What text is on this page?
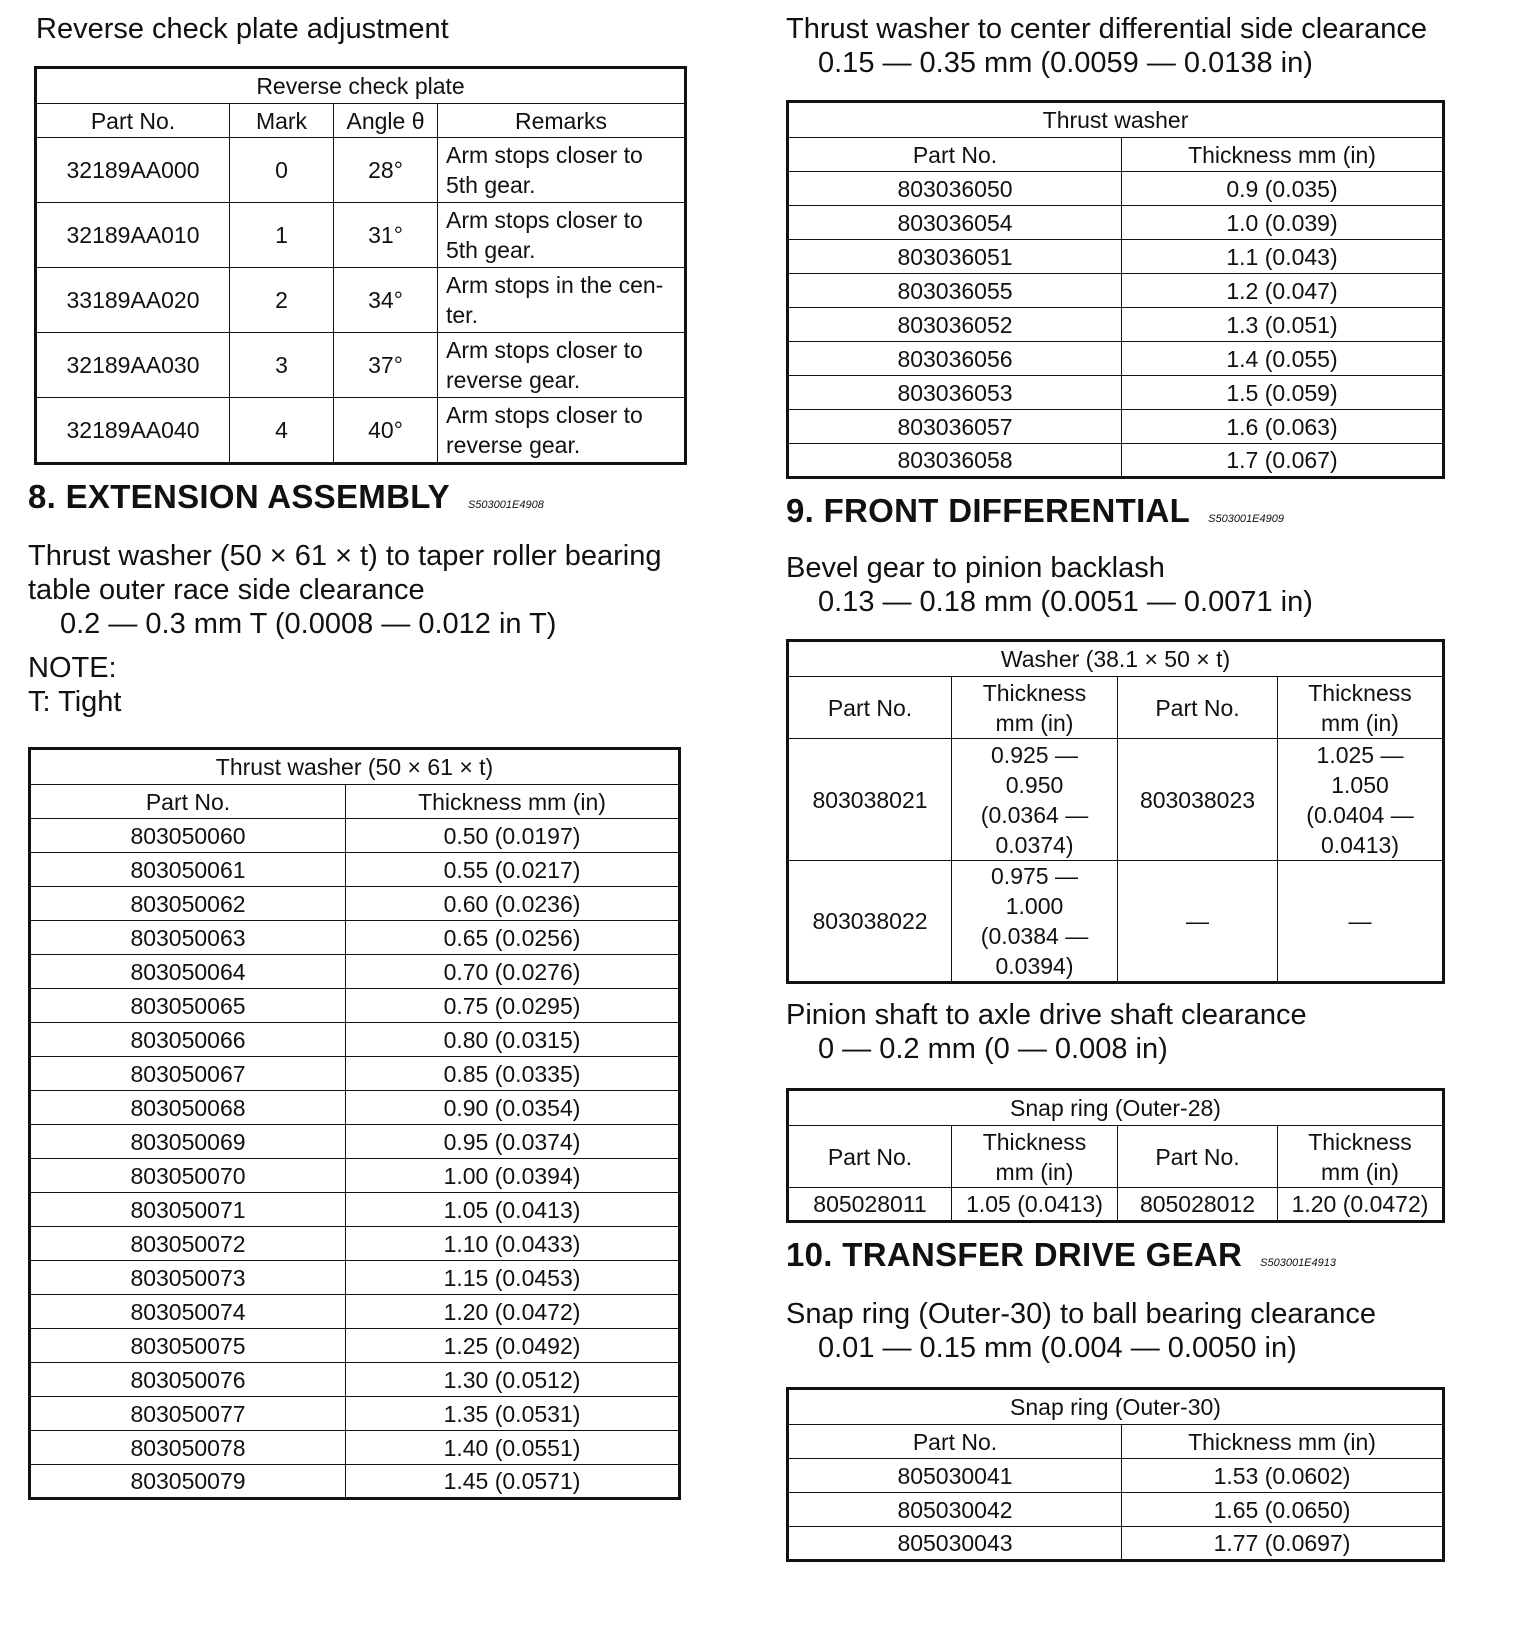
Reverse check plate adjustment

Reverse check plate			
Part No.	Mark	Angle θ	Remarks
32189AA000	0	28°	Arm stops closer to
5th gear.
32189AA010	1	31°	Arm stops closer to
5th gear.
33189AA020	2	34°	Arm stops in the cen-
ter.
32189AA030	3	37°	Arm stops closer to
reverse gear.
32189AA040	4	40°	Arm stops closer to
reverse gear.
8. EXTENSION ASSEMBLY S503001E4908

Thrust washer (50 × 61 × t) to taper roller bearing

table outer race side clearance

0.2 — 0.3 mm T (0.0008 — 0.012 in T)

NOTE:

T: Tight

Thrust washer (50 × 61 × t)	
Part No.	Thickness mm (in)
803050060	0.50 (0.0197)
803050061	0.55 (0.0217)
803050062	0.60 (0.0236)
803050063	0.65 (0.0256)
803050064	0.70 (0.0276)
803050065	0.75 (0.0295)
803050066	0.80 (0.0315)
803050067	0.85 (0.0335)
803050068	0.90 (0.0354)
803050069	0.95 (0.0374)
803050070	1.00 (0.0394)
803050071	1.05 (0.0413)
803050072	1.10 (0.0433)
803050073	1.15 (0.0453)
803050074	1.20 (0.0472)
803050075	1.25 (0.0492)
803050076	1.30 (0.0512)
803050077	1.35 (0.0531)
803050078	1.40 (0.0551)
803050079	1.45 (0.0571)

Thrust washer to center differential side clearance

0.15 — 0.35 mm (0.0059 — 0.0138 in)

Thrust washer	
Part No.	Thickness mm (in)
803036050	0.9 (0.035)
803036054	1.0 (0.039)
803036051	1.1 (0.043)
803036055	1.2 (0.047)
803036052	1.3 (0.051)
803036056	1.4 (0.055)
803036053	1.5 (0.059)
803036057	1.6 (0.063)
803036058	1.7 (0.067)
9. FRONT DIFFERENTIAL S503001E4909

Bevel gear to pinion backlash

0.13 — 0.18 mm (0.0051 — 0.0071 in)

Washer (38.1 × 50 × t)			
Part No.	Thickness
mm (in)	Part No.	Thickness
mm (in)
803038021	0.925 —
0.950
(0.0364 —
0.0374)	803038023	1.025 —
1.050
(0.0404 —
0.0413)
803038022	0.975 —
1.000
(0.0384 —
0.0394)	—	—

Pinion shaft to axle drive shaft clearance

0 — 0.2 mm (0 — 0.008 in)

Snap ring (Outer-28)			
Part No.	Thickness
mm (in)	Part No.	Thickness
mm (in)
805028011	1.05 (0.0413)	805028012	1.20 (0.0472)
10. TRANSFER DRIVE GEAR S503001E4913

Snap ring (Outer-30) to ball bearing clearance

0.01 — 0.15 mm (0.004 — 0.0050 in)

Snap ring (Outer-30)	
Part No.	Thickness mm (in)
805030041	1.53 (0.0602)
805030042	1.65 (0.0650)
805030043	1.77 (0.0697)
